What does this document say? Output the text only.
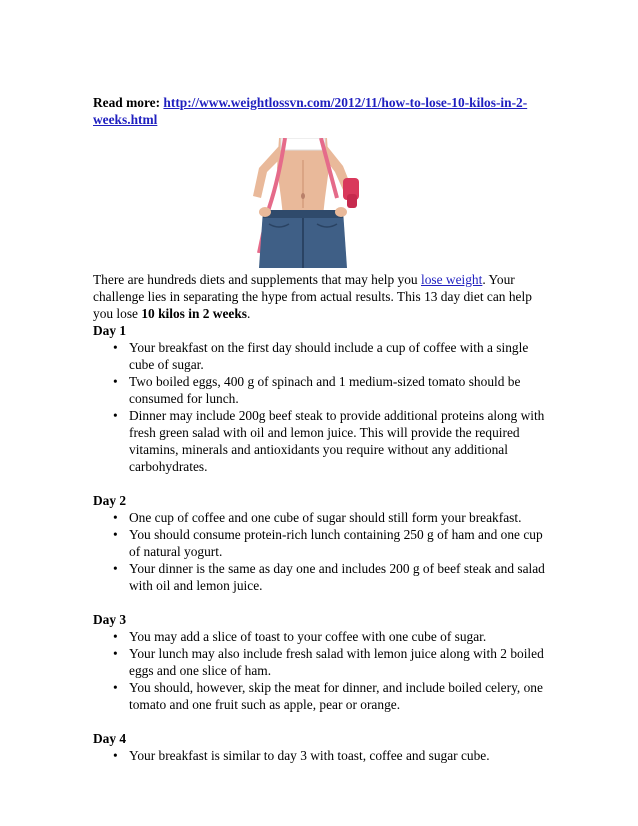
Read more: http://www.weightlossvn.com/2012/11/how-to-lose-10-kilos-in-2-weeks.html

There are hundreds diets and supplements that may help you lose weight. Your challenge lies in separating the hype from actual results. This 13 day diet can help you lose 10 kilos in 2 weeks.

Day 1

• Your breakfast on the first day should include a cup of coffee with a single cube of sugar.
• Two boiled eggs, 400 g of spinach and 1 medium-sized tomato should be consumed for lunch.
• Dinner may include 200g beef steak to provide additional proteins along with fresh green salad with oil and lemon juice. This will provide the required vitamins, minerals and antioxidants you require without any additional carbohydrates.

Day 2

• One cup of coffee and one cube of sugar should still form your breakfast.
• You should consume protein-rich lunch containing 250 g of ham and one cup of natural yogurt.
• Your dinner is the same as day one and includes 200 g of beef steak and salad with oil and lemon juice.

Day 3

• You may add a slice of toast to your coffee with one cube of sugar.
• Your lunch may also include fresh salad with lemon juice along with 2 boiled eggs and one slice of ham.
• You should, however, skip the meat for dinner, and include boiled celery, one tomato and one fruit such as apple, pear or orange.

Day 4

• Your breakfast is similar to day 3 with toast, coffee and sugar cube.
